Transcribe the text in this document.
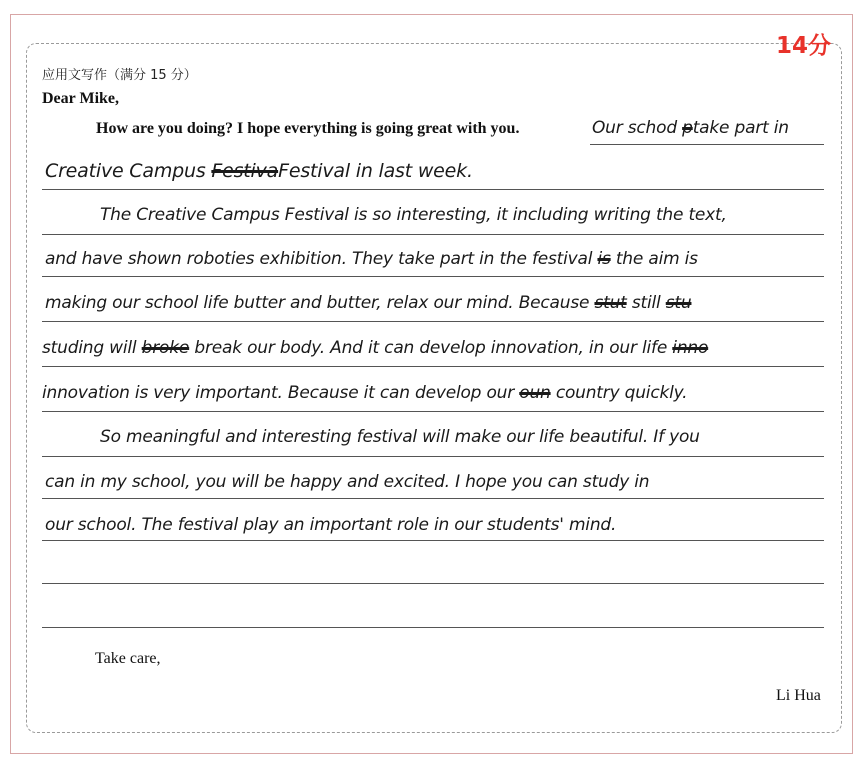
14分
应用文写作（满分 15 分）
Dear Mike,
How are you doing? I hope everything is going great with you.	Our schod ptake part in
Creative Campus FestivaFestival in last week.
The Creative Campus Festival is so interesting, it including writing the text,
and have shown roboties exhibition. They take part in the festival is the aim is
making our school life butter and butter, relax our mind. Because stut still stu
studing will broke break our body. And it can develop innovation, in our life inno
innovation is very important. Because it can develop our oun country quickly.
So meaningful and interesting festival will make our life beautiful. If you
can in my school, you will be happy and excited. I hope you can study in
our school. The festival play an important role in our students' mind.
Take care,
Li Hua
